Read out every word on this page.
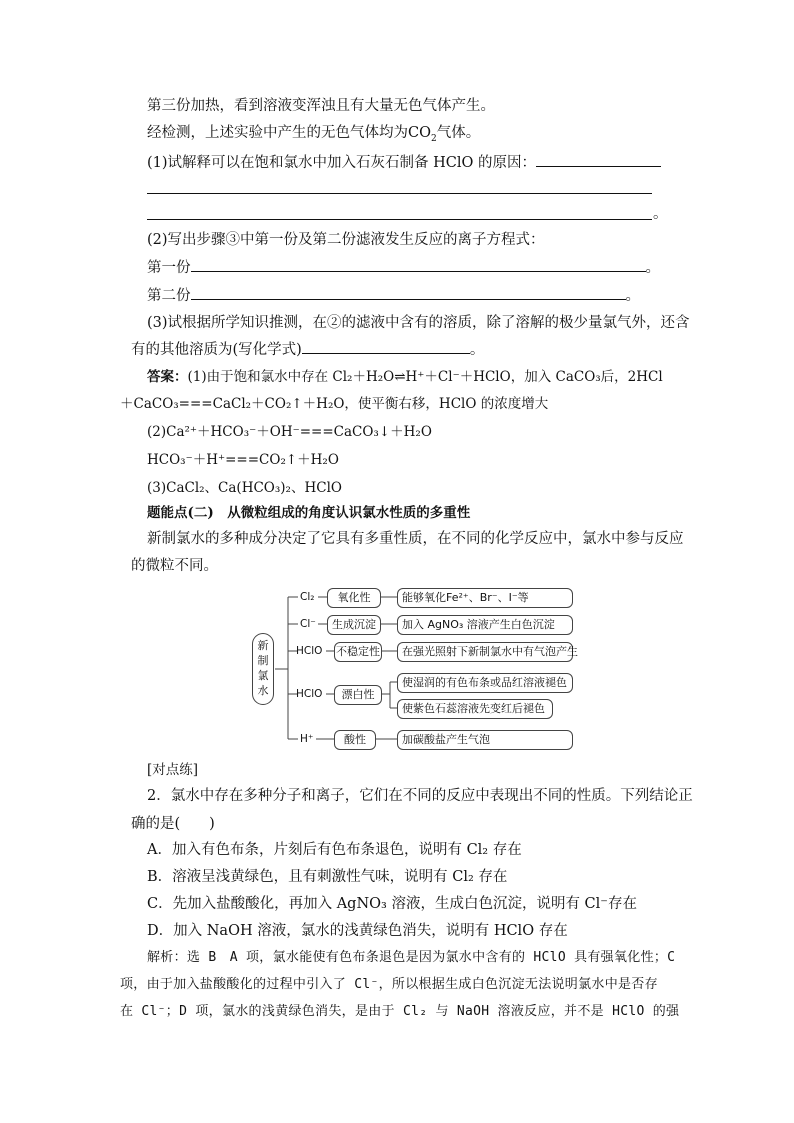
第三份加热，看到溶液变浑浊且有大量无色气体产生。
经检测，上述实验中产生的无色气体均为$CO_2$气体。
(1)试解释可以在饱和氯水中加入石灰石制备 HClO 的原因：
。
(2)写出步骤③中第一份及第二份滤液发生反应的离子方程式：
第一份	。
第二份	。
(3)试根据所学知识推测，在②的滤液中含有的溶质，除了溶解的极少量氯气外，还含
有的其他溶质为(写化学式)	。
答案：(1)由于饱和氯水中存在 Cl₂＋H₂O⇌H⁺＋Cl⁻＋HClO，加入 CaCO₃后，2HCl
＋CaCO₃===CaCl₂＋CO₂↑＋H₂O，使平衡右移，HClO 的浓度增大
(2)Ca²⁺＋HCO₃⁻＋OH⁻===CaCO₃↓＋H₂O
HCO₃⁻＋H⁺===CO₂↑＋H₂O
(3)CaCl₂、Ca(HCO₃)₂、HClO
题能点(二)　从微粒组成的角度认识氯水性质的多重性
新制氯水的多种成分决定了它具有多重性质，在不同的化学反应中，氯水中参与反应
的微粒不同。
新
制
氯
水
Cl₂
Cl⁻
HClO
HClO
H⁺
氧化性
生成沉淀
不稳定性
漂白性
酸性
能够氧化Fe²⁺、Br⁻、I⁻等
加入 AgNO₃ 溶液产生白色沉淀
在强光照射下新制氯水中有气泡产生
使湿润的有色布条或品红溶液褪色
使紫色石蕊溶液先变红后褪色
加碳酸盐产生气泡
[对点练]
2．氯水中存在多种分子和离子，它们在不同的反应中表现出不同的性质。下列结论正
确的是(　　)
A．加入有色布条，片刻后有色布条退色，说明有 Cl₂ 存在
B．溶液呈浅黄绿色，且有刺激性气味，说明有 Cl₂ 存在
C．先加入盐酸酸化，再加入 AgNO₃ 溶液，生成白色沉淀，说明有 Cl⁻存在
D．加入 NaOH 溶液，氯水的浅黄绿色消失，说明有 HClO 存在
解析：选 B　A 项，氯水能使有色布条退色是因为氯水中含有的 HClO 具有强氧化性；C
项，由于加入盐酸酸化的过程中引入了 Cl⁻，所以根据生成白色沉淀无法说明氯水中是否存
在 Cl⁻；D 项，氯水的浅黄绿色消失，是由于 Cl₂ 与 NaOH 溶液反应，并不是 HClO 的强
